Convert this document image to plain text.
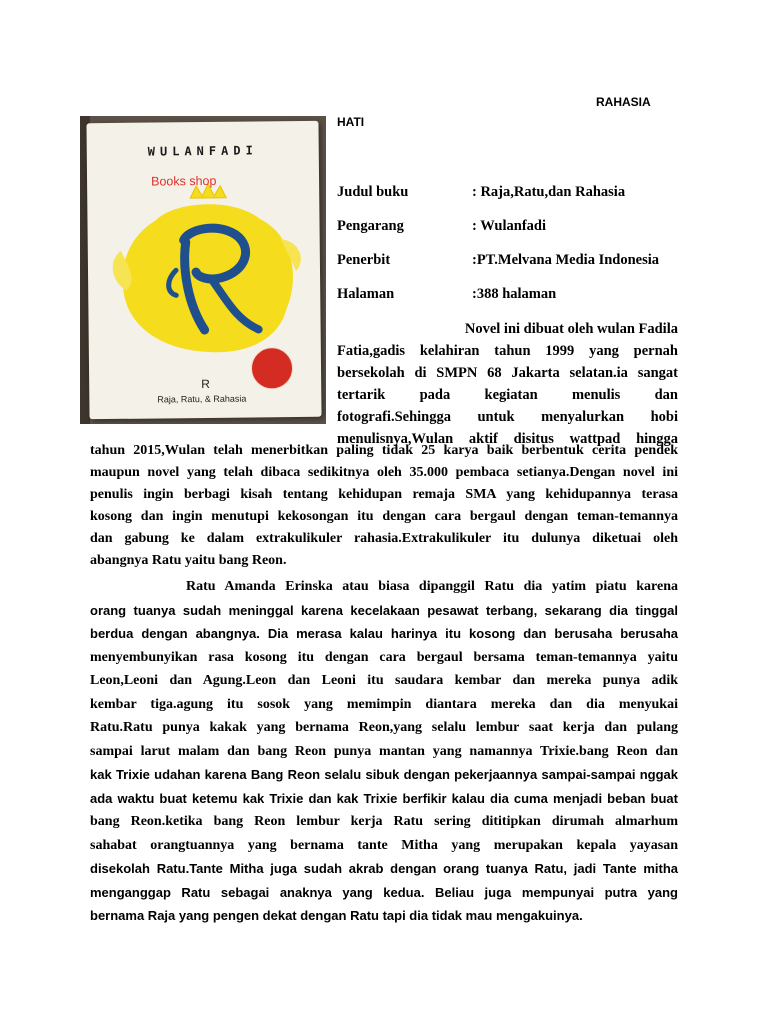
RAHASIA
HATI
WULANFADI
Books shop
R
Raja, Ratu, & Rahasia
Judul buku	: Raja,Ratu,dan Rahasia
Pengarang	: Wulanfadi
Penerbit	:PT.Melvana Media Indonesia
Halaman	:388 halaman
Novel ini dibuat oleh wulan Fadila
Fatia,gadis kelahiran tahun 1999 yang pernah
bersekolah di SMPN 68 Jakarta selatan.ia sangat
tertarik pada kegiatan menulis dan
fotografi.Sehingga untuk menyalurkan hobi
menulisnya,Wulan aktif disitus wattpad hingga

tahun 2015,Wulan telah menerbitkan paling tidak 25 karya baik berbentuk cerita pendek

maupun novel yang telah dibaca sedikitnya oleh 35.000 pembaca setianya.Dengan novel ini

penulis ingin berbagi kisah tentang kehidupan remaja SMA yang kehidupannya terasa

kosong dan ingin menutupi kekosongan itu dengan cara bergaul dengan teman-temannya

dan gabung ke dalam extrakulikuler rahasia.Extrakulikuler itu dulunya diketuai oleh

abangnya Ratu yaitu bang Reon.

Ratu Amanda Erinska atau biasa dipanggil Ratu dia yatim piatu karena

orang tuanya sudah meninggal karena kecelakaan pesawat terbang, sekarang dia tinggal

berdua dengan abangnya. Dia merasa kalau harinya itu kosong dan berusaha berusaha

menyembunyikan rasa kosong itu dengan cara bergaul bersama teman-temannya yaitu

Leon,Leoni dan Agung.Leon dan Leoni itu saudara kembar dan mereka punya adik

kembar tiga.agung itu sosok yang memimpin diantara mereka dan dia menyukai

Ratu.Ratu punya kakak yang bernama Reon,yang selalu lembur saat kerja dan pulang

sampai larut malam dan bang Reon punya mantan yang namannya Trixie.bang Reon dan

kak Trixie udahan karena Bang Reon selalu sibuk dengan pekerjaannya sampai-sampai nggak

ada waktu buat ketemu kak Trixie dan kak Trixie berfikir kalau dia cuma menjadi beban buat

bang Reon.ketika bang Reon lembur kerja Ratu sering dititipkan dirumah almarhum

sahabat orangtuannya yang bernama tante Mitha yang merupakan kepala yayasan

disekolah Ratu.Tante Mitha juga sudah akrab dengan orang tuanya Ratu, jadi Tante mitha

menganggap Ratu sebagai anaknya yang kedua. Beliau juga mempunyai putra yang

bernama Raja yang pengen dekat dengan Ratu tapi dia tidak mau mengakuinya.
